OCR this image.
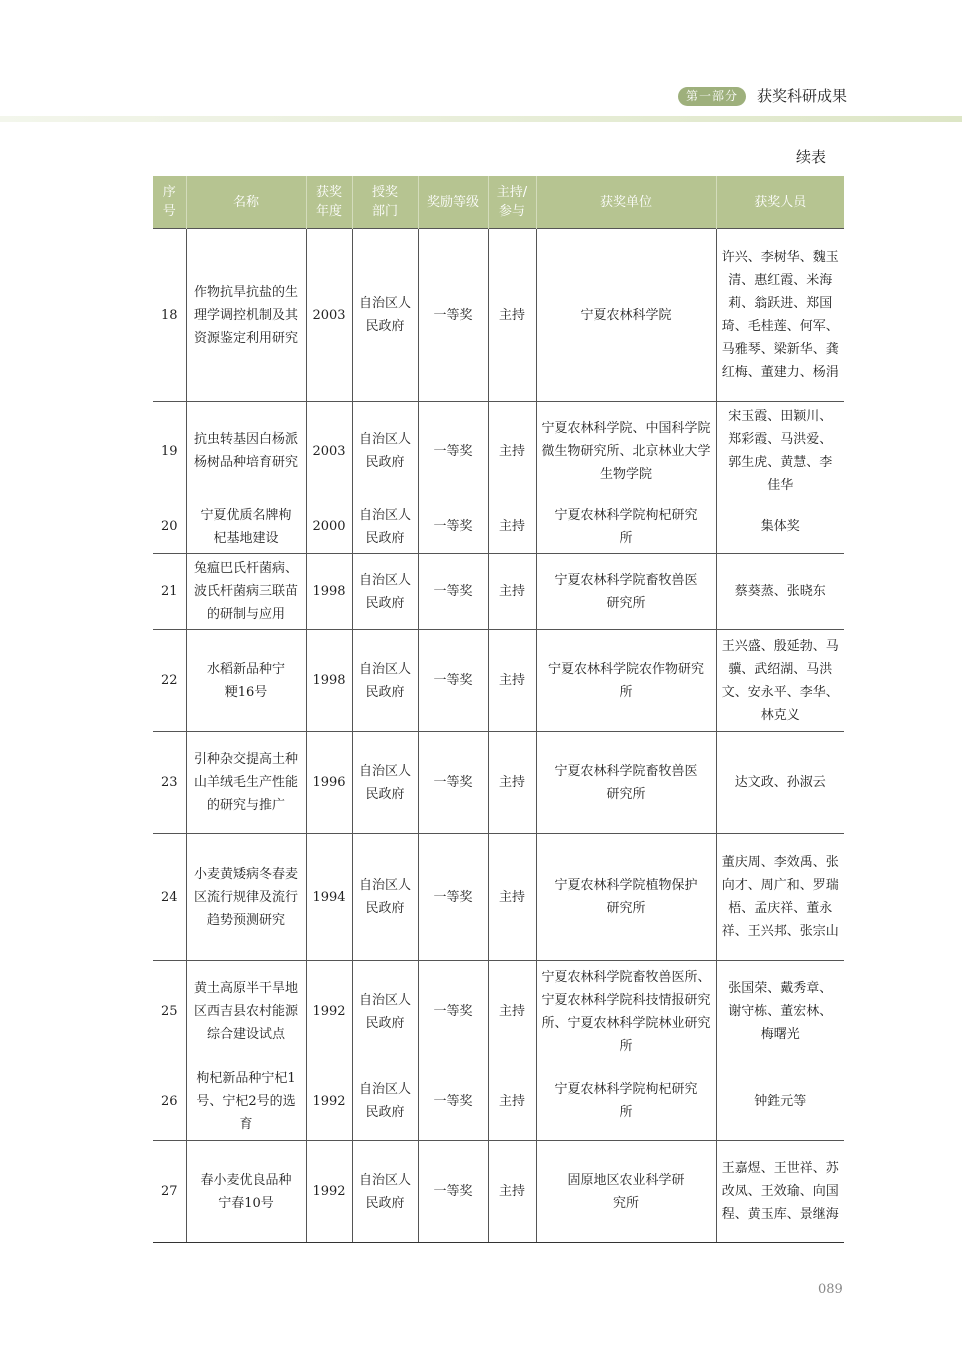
第一部分	获奖科研成果
续表
序号	名称	获奖年度	授奖部门	奖励等级	主持/参与	获奖单位	获奖人员
18	作物抗旱抗盐的生理学调控机制及其资源鉴定利用研究	2003	自治区人民政府	一等奖	主持	宁夏农林科学院	许兴、李树华、魏玉清、惠红霞、米海莉、翁跃进、郑国琦、毛桂莲、何军、马雅琴、梁新华、龚红梅、董建力、杨涓
19	抗虫转基因白杨派杨树品种培育研究	2003	自治区人民政府	一等奖	主持	宁夏农林科学院、中国科学院微生物研究所、北京林业大学生物学院	宋玉霞、田颖川、郑彩霞、马洪爱、郭生虎、黄慧、李佳华
20	宁夏优质名牌枸杞基地建设	2000	自治区人民政府	一等奖	主持	宁夏农林科学院枸杞研究所	集体奖
21	兔瘟巴氏杆菌病、波氏杆菌病三联苗的研制与应用	1998	自治区人民政府	一等奖	主持	宁夏农林科学院畜牧兽医研究所	蔡葵蒸、张晓东
22	水稻新品种宁粳16号	1998	自治区人民政府	一等奖	主持	宁夏农林科学院农作物研究所	王兴盛、殷延勃、马骥、武绍湖、马洪文、安永平、李华、林克义
23	引种杂交提高土种山羊绒毛生产性能的研究与推广	1996	自治区人民政府	一等奖	主持	宁夏农林科学院畜牧兽医研究所	达文政、孙淑云
24	小麦黄矮病冬春麦区流行规律及流行趋势预测研究	1994	自治区人民政府	一等奖	主持	宁夏农林科学院植物保护研究所	董庆周、李效禹、张向才、周广和、罗瑞梧、孟庆祥、董永祥、王兴邦、张宗山
25	黄土高原半干旱地区西吉县农村能源综合建设试点	1992	自治区人民政府	一等奖	主持	宁夏农林科学院畜牧兽医所、宁夏农林科学院科技情报研究所、宁夏农林科学院林业研究所	张国荣、戴秀章、谢守栋、董宏林、梅曙光
26	枸杞新品种宁杞1号、宁杞2号的选育	1992	自治区人民政府	一等奖	主持	宁夏农林科学院枸杞研究所	钟鉎元等
27	春小麦优良品种宁春10号	1992	自治区人民政府	一等奖	主持	固原地区农业科学研究所	王嘉煜、王世祥、苏改凤、王效瑜、向国程、黄玉库、景继海
089
